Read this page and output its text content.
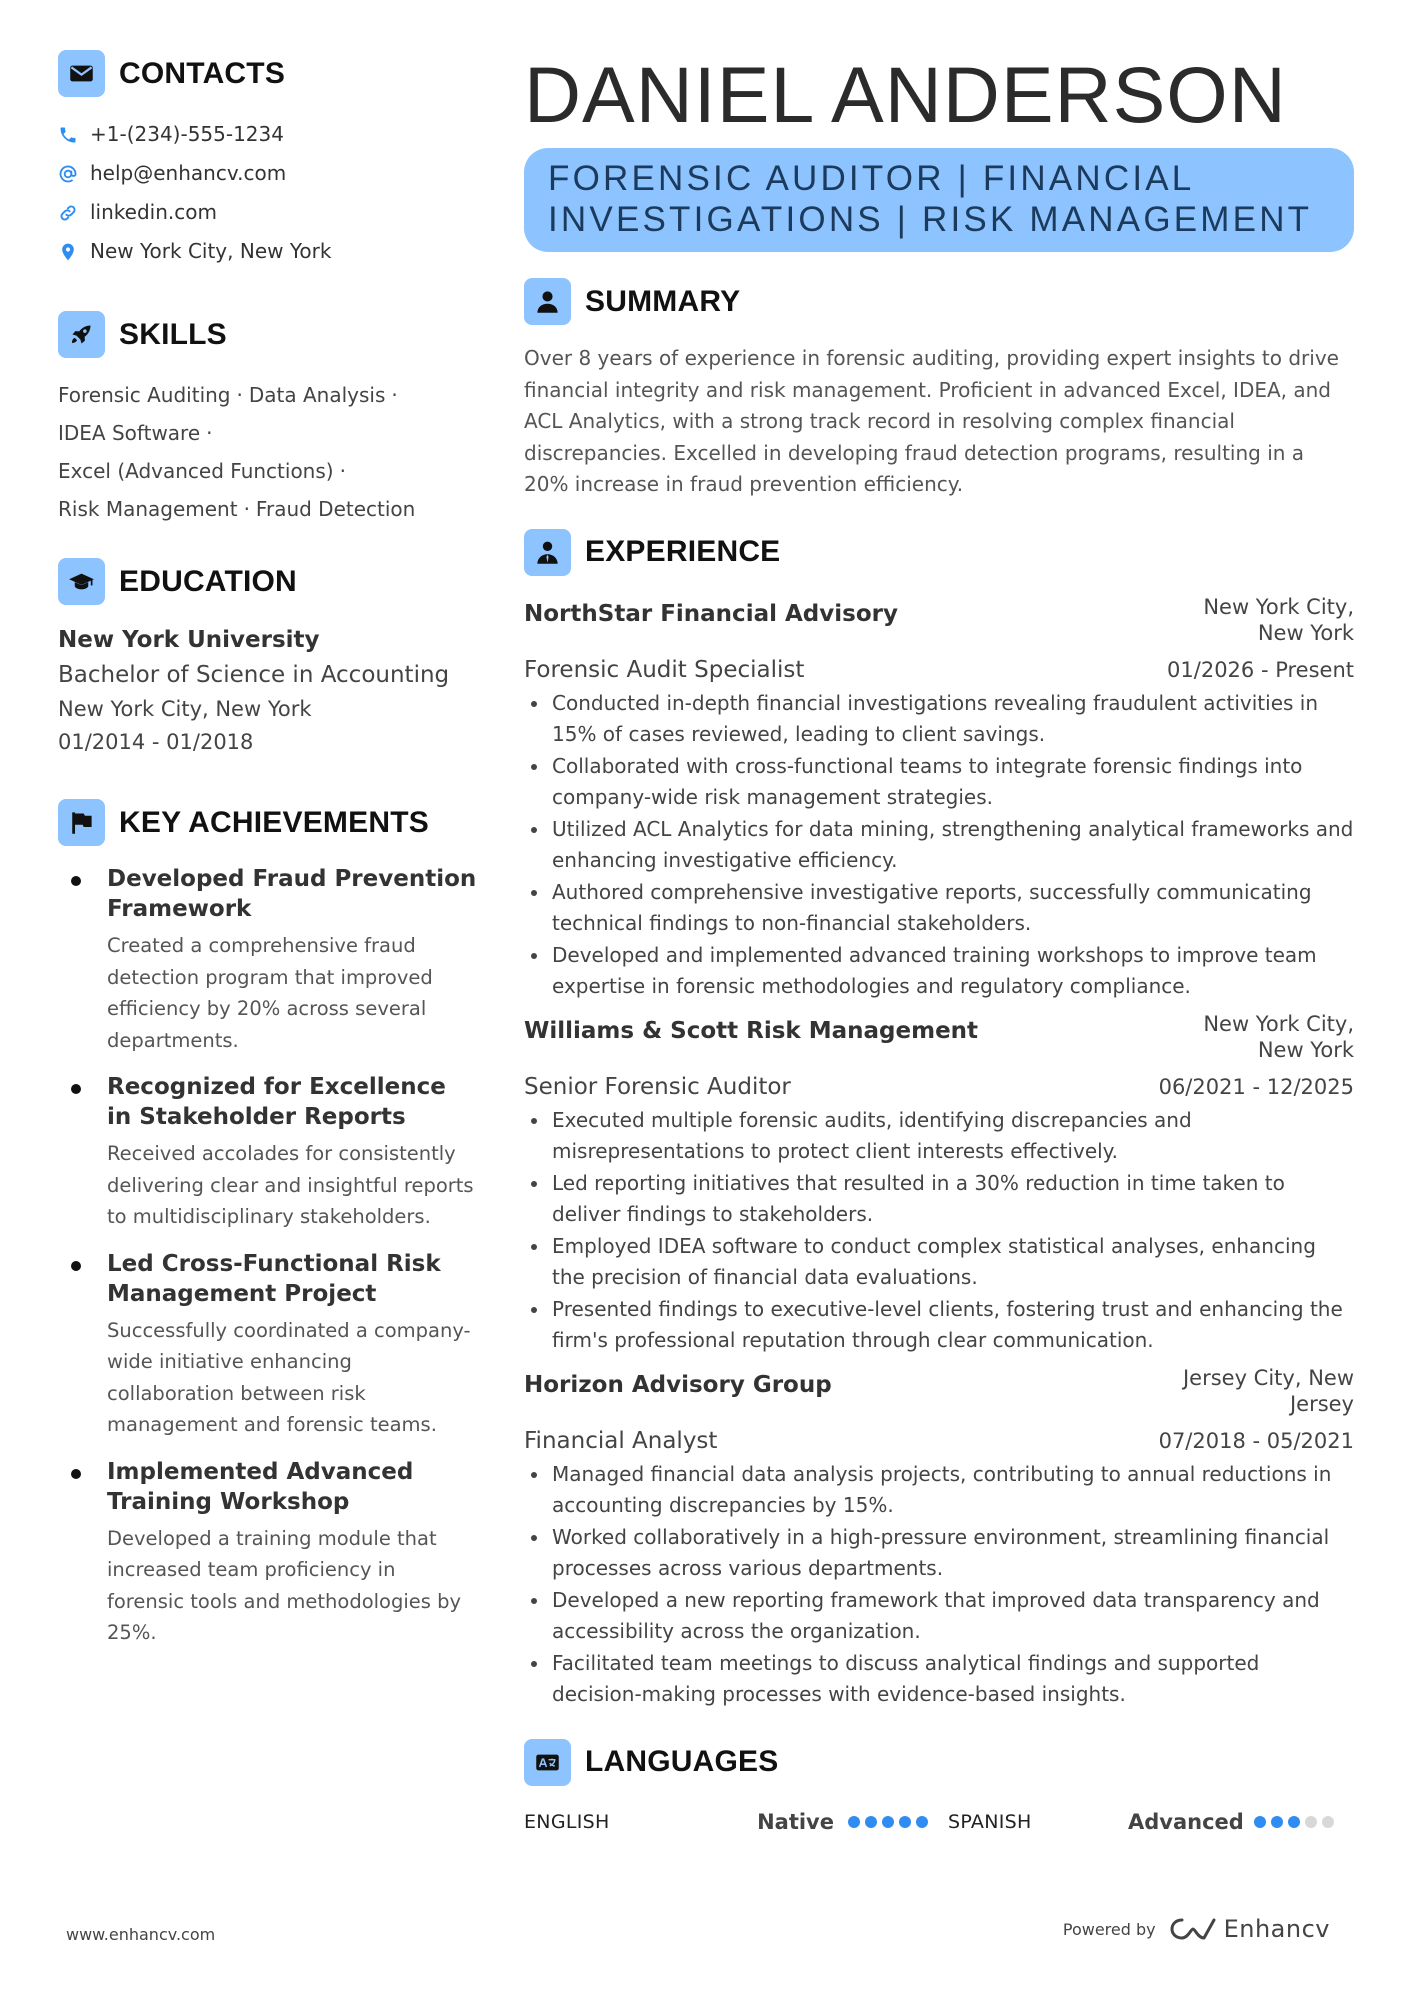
CONTACTS
+1-(234)-555-1234
help@enhancv.com
linkedin.com
New York City, New York
SKILLS
Forensic Auditing · Data Analysis ·
IDEA Software ·
Excel (Advanced Functions) ·
Risk Management · Fraud Detection
EDUCATION
New York University
Bachelor of Science in Accounting
New York City, New York
01/2014 - 01/2018
KEY ACHIEVEMENTS
Developed Fraud Prevention Framework
Created a comprehensive fraud detection program that improved efficiency by 20% across several departments.
Recognized for Excellence in Stakeholder Reports
Received accolades for consistently delivering clear and insightful reports to multidisciplinary stakeholders.
Led Cross-Functional Risk Management Project
Successfully coordinated a company-wide initiative enhancing collaboration between risk management and forensic teams.
Implemented Advanced Training Workshop
Developed a training module that increased team proficiency in forensic tools and methodologies by 25%.
DANIEL ANDERSON
FORENSIC AUDITOR | FINANCIAL
INVESTIGATIONS | RISK MANAGEMENT
SUMMARY
Over 8 years of experience in forensic auditing, providing expert insights to drive financial integrity and risk management. Proficient in advanced Excel, IDEA, and ACL Analytics, with a strong track record in resolving complex financial discrepancies. Excelled in developing fraud detection programs, resulting in a 20% increase in fraud prevention efficiency.
EXPERIENCE
NorthStar Financial Advisory	New York City, New York
Forensic Audit Specialist	01/2026 - Present
Conducted in-depth financial investigations revealing fraudulent activities in 15% of cases reviewed, leading to client savings.
Collaborated with cross-functional teams to integrate forensic findings into company-wide risk management strategies.
Utilized ACL Analytics for data mining, strengthening analytical frameworks and enhancing investigative efficiency.
Authored comprehensive investigative reports, successfully communicating technical findings to non-financial stakeholders.
Developed and implemented advanced training workshops to improve team expertise in forensic methodologies and regulatory compliance.
Williams & Scott Risk Management	New York City, New York
Senior Forensic Auditor	06/2021 - 12/2025
Executed multiple forensic audits, identifying discrepancies and misrepresentations to protect client interests effectively.
Led reporting initiatives that resulted in a 30% reduction in time taken to deliver findings to stakeholders.
Employed IDEA software to conduct complex statistical analyses, enhancing the precision of financial data evaluations.
Presented findings to executive-level clients, fostering trust and enhancing the firm's professional reputation through clear communication.
Horizon Advisory Group	Jersey City, New Jersey
Financial Analyst	07/2018 - 05/2021
Managed financial data analysis projects, contributing to annual reductions in accounting discrepancies by 15%.
Worked collaboratively in a high-pressure environment, streamlining financial processes across various departments.
Developed a new reporting framework that improved data transparency and accessibility across the organization.
Facilitated team meetings to discuss analytical findings and supported decision-making processes with evidence-based insights.
LANGUAGES
ENGLISH	Native	SPANISH	Advanced
www.enhancv.com	Powered by	Enhancv
